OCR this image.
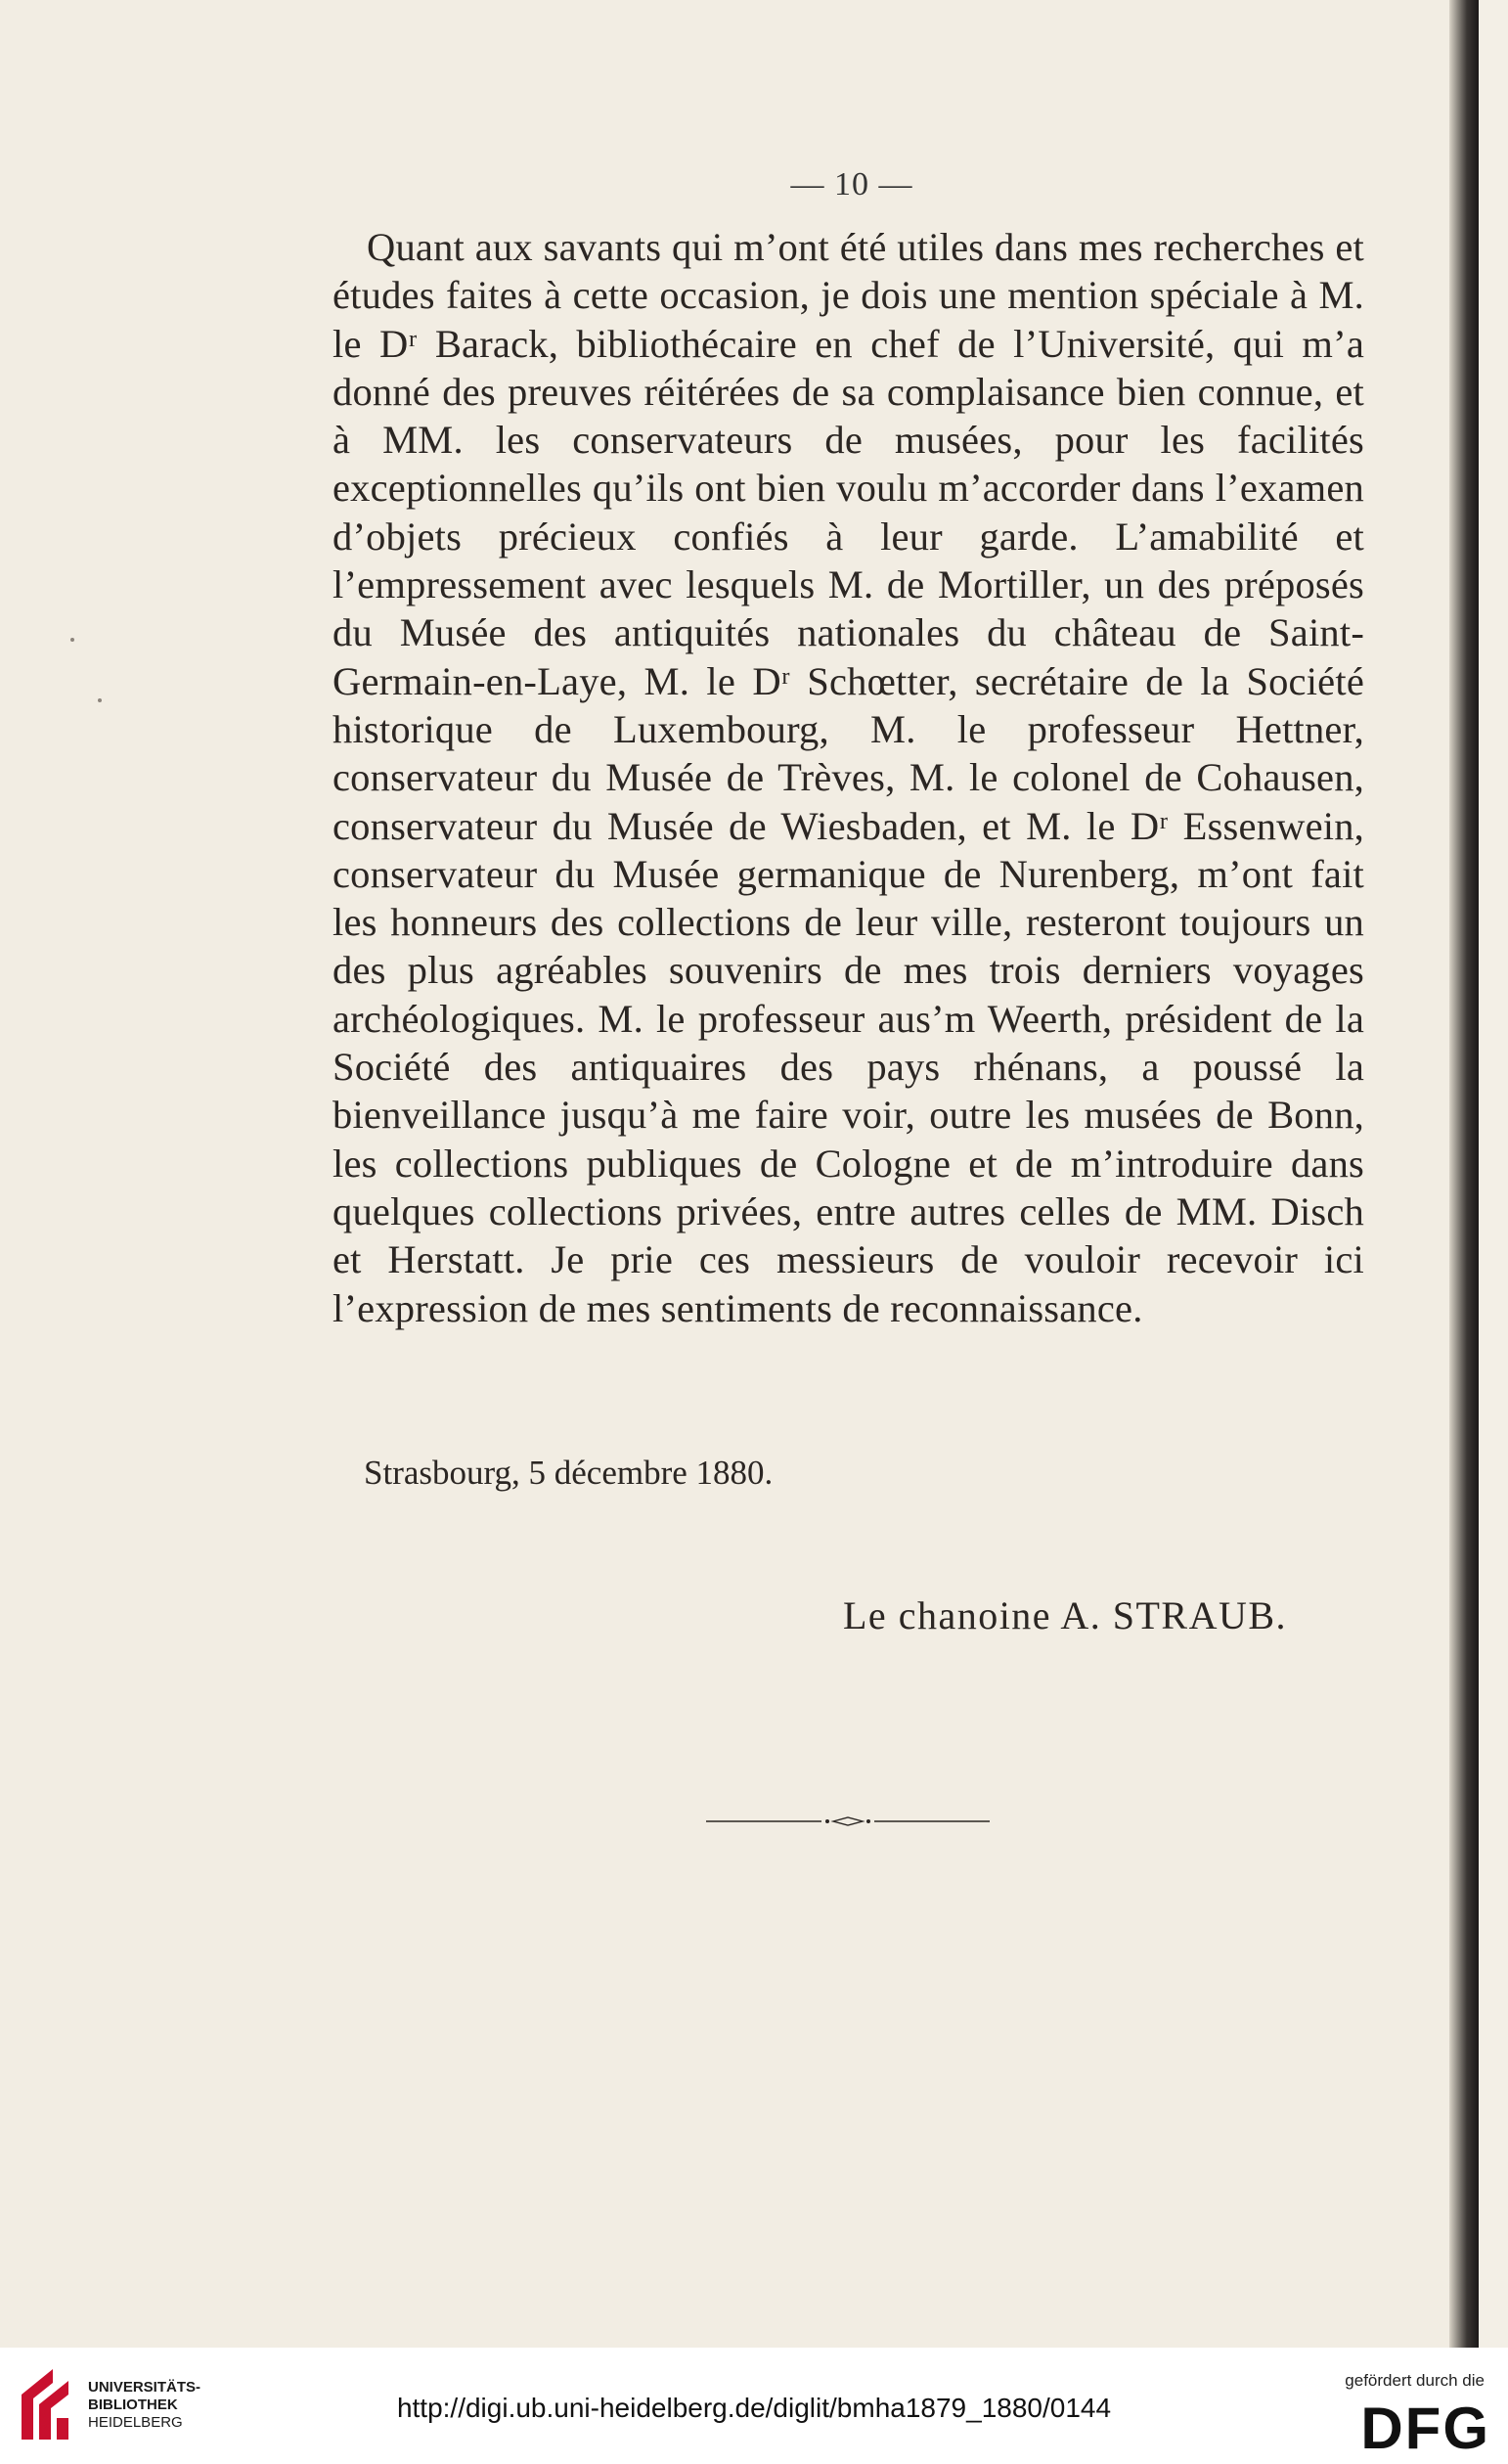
— 10 —

Quant aux savants qui m’ont été utiles dans mes recherches et études faites à cette occasion, je dois une mention spéciale à M. le Dʳ Barack, bibliothécaire en chef de l’Université, qui m’a donné des preuves réitérées de sa complaisance bien connue, et à MM. les conservateurs de musées, pour les facilités exceptionnelles qu’ils ont bien voulu m’accorder dans l’examen d’objets précieux confiés à leur garde. L’amabilité et l’empressement avec lesquels M. de Mortiller, un des préposés du Musée des antiquités nationales du château de Saint-Germain-en-Laye, M. le Dʳ Schœtter, secrétaire de la Société historique de Luxembourg, M. le professeur Hettner, conservateur du Musée de Trèves, M. le colonel de Cohausen, conservateur du Musée de Wiesbaden, et M. le Dʳ Essenwein, conservateur du Musée germanique de Nurenberg, m’ont fait les honneurs des collections de leur ville, resteront toujours un des plus agréables souvenirs de mes trois derniers voyages archéologiques. M. le professeur aus’m Weerth, président de la Société des antiquaires des pays rhénans, a poussé la bienveillance jusqu’à me faire voir, outre les musées de Bonn, les collections publiques de Cologne et de m’introduire dans quelques collections privées, entre autres celles de MM. Disch et Herstatt. Je prie ces messieurs de vouloir recevoir ici l’expression de mes sentiments de reconnaissance.

Strasbourg, 5 décembre 1880.
Le chanoine A. STRAUB.
UNIVERSITÄTS-
BIBLIOTHEK
HEIDELBERG	http://digi.ub.uni-heidelberg.de/diglit/bmha1879_1880/0144
gefördert durch die
DFG
